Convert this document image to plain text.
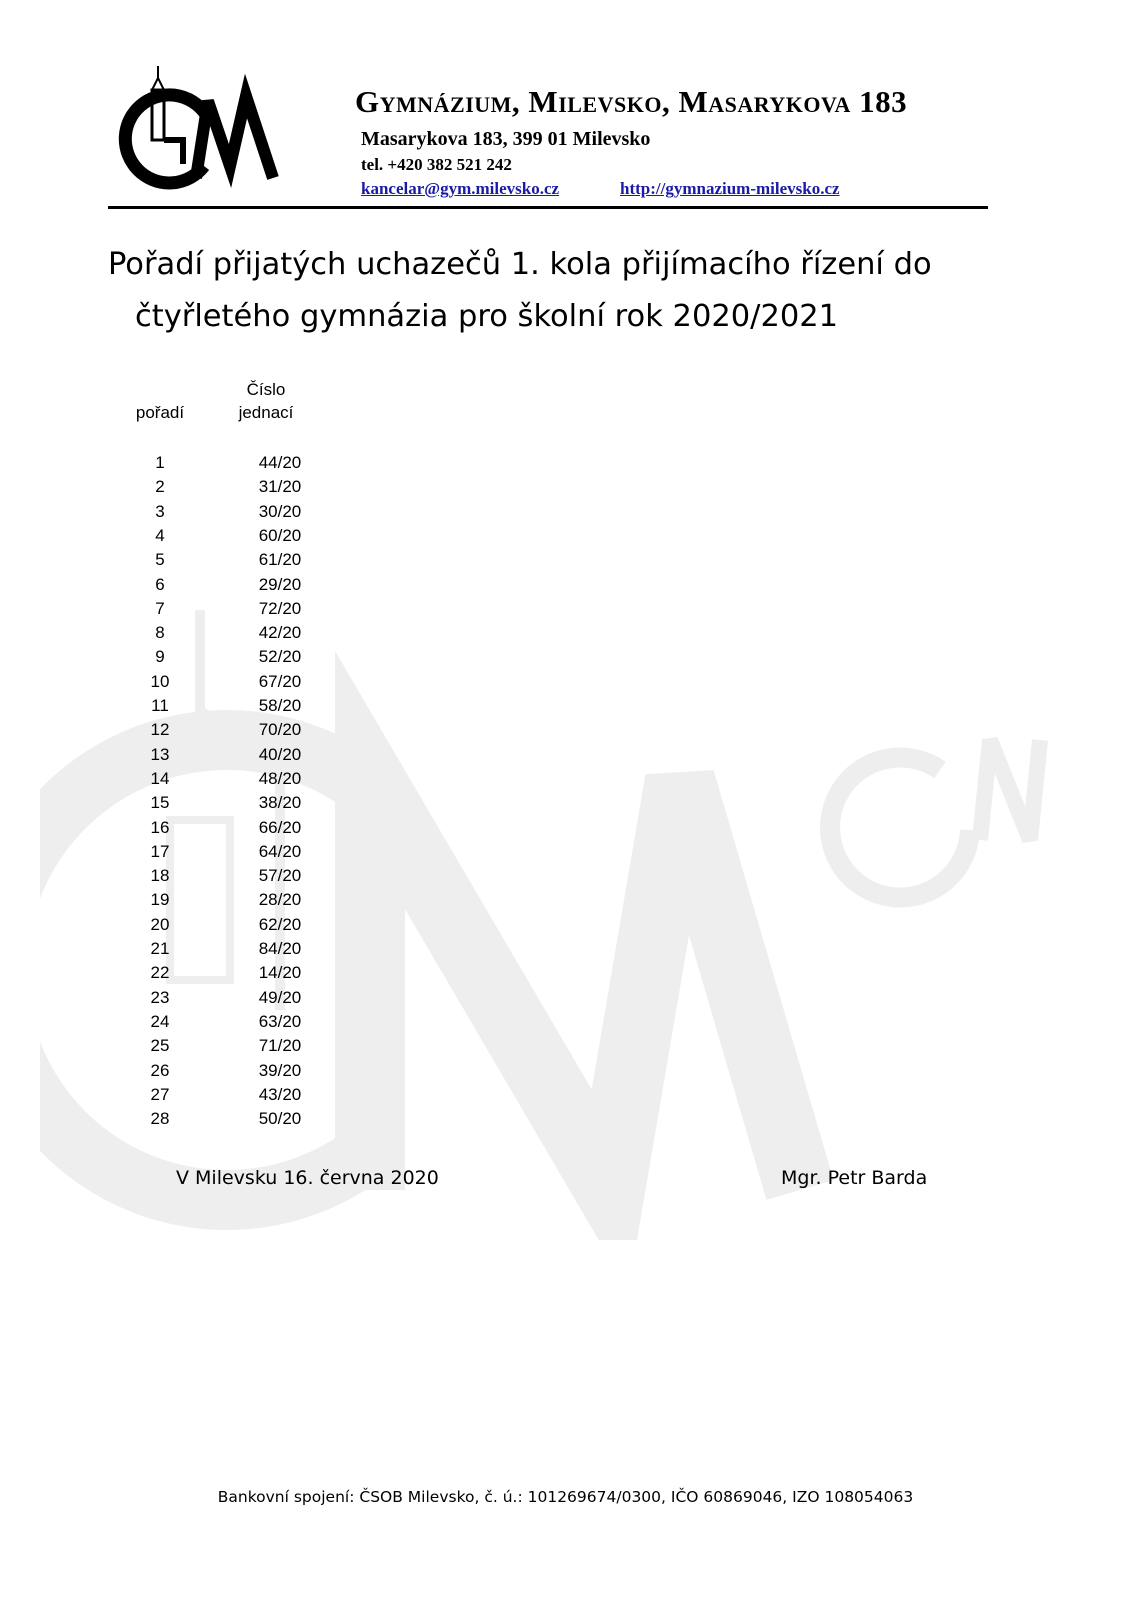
Gymnázium, Milevsko, Masarykova 183
Masarykova 183, 399 01 Milevsko
tel. +420 382 521 242
kancelar@gym.milevsko.cz	http://gymnazium-milevsko.cz
Pořadí přijatých uchazečů 1. kola přijímacího řízení do
čtyřletého gymnázia pro školní rok 2020/2021
pořadí
Číslo
jednací
1	44/20
2	31/20
3	30/20
4	60/20
5	61/20
6	29/20
7	72/20
8	42/20
9	52/20
10	67/20
11	58/20
12	70/20
13	40/20
14	48/20
15	38/20
16	66/20
17	64/20
18	57/20
19	28/20
20	62/20
21	84/20
22	14/20
23	49/20
24	63/20
25	71/20
26	39/20
27	43/20
28	50/20
V Milevsku 16. června 2020	Mgr. Petr Barda
Bankovní spojení: ČSOB Milevsko, č. ú.: 101269674/0300, IČO 60869046, IZO 108054063
